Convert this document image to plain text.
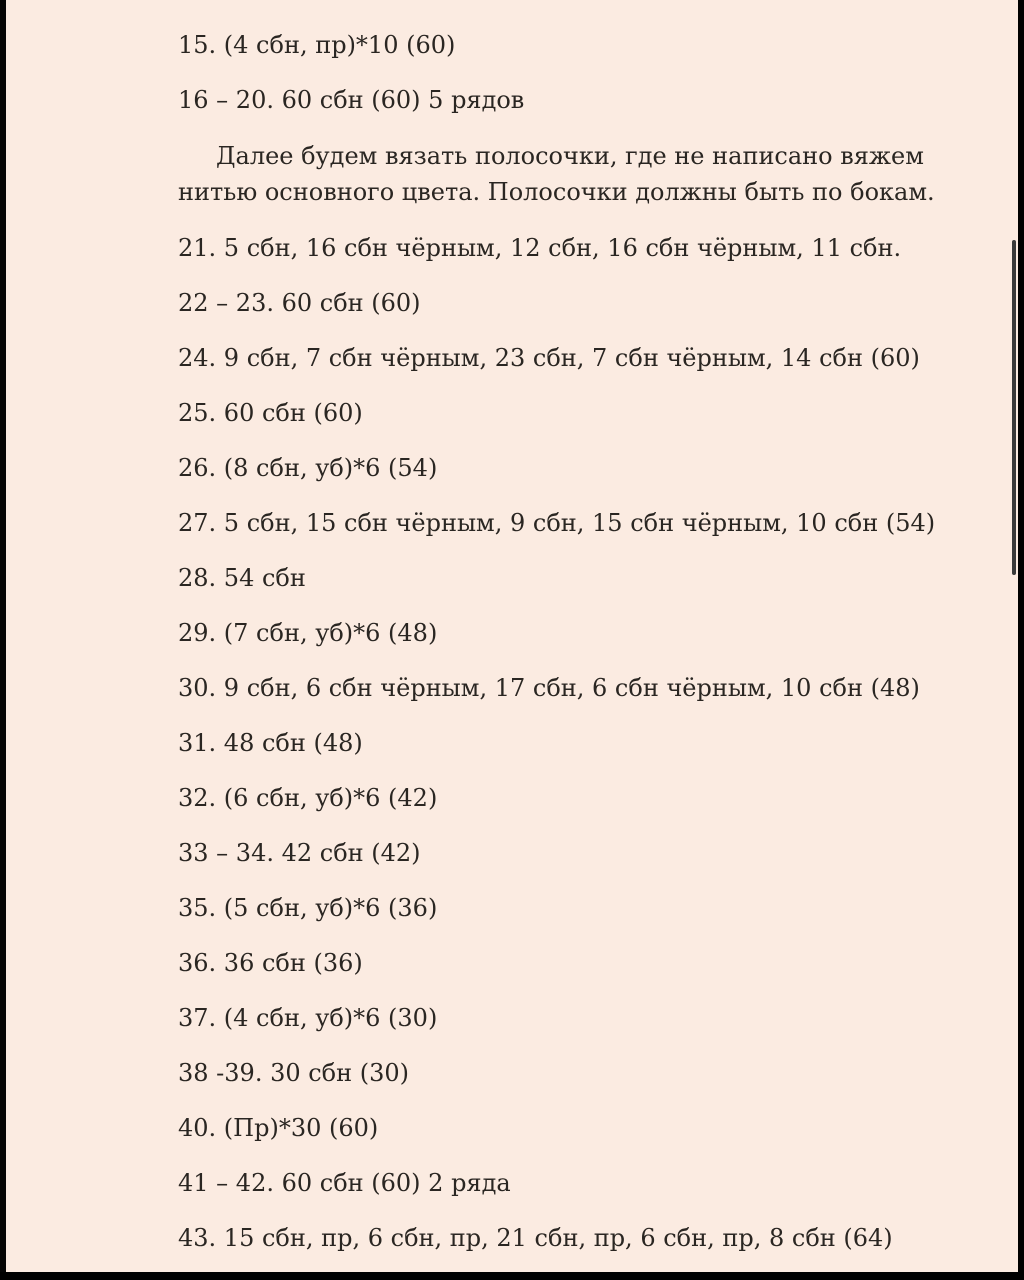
15. (4 сбн, пр)*10 (60)
16 – 20. 60 сбн (60) 5 рядов
Далее будем вязать полосочки, где не написано вяжем
нитью основного цвета. Полосочки должны быть по бокам.
21. 5 сбн, 16 сбн чёрным, 12 сбн, 16 сбн чёрным, 11 сбн.
22 – 23. 60 сбн (60)
24. 9 сбн, 7 сбн чёрным, 23 сбн, 7 сбн чёрным, 14 сбн (60)
25. 60 сбн (60)
26. (8 сбн, уб)*6 (54)
27. 5 сбн, 15 сбн чёрным, 9 сбн, 15 сбн чёрным, 10 сбн (54)
28. 54 сбн
29. (7 сбн, уб)*6 (48)
30. 9 сбн, 6 сбн чёрным, 17 сбн, 6 сбн чёрным, 10 сбн (48)
31. 48 сбн (48)
32. (6 сбн, уб)*6 (42)
33 – 34. 42 сбн (42)
35. (5 сбн, уб)*6 (36)
36. 36 сбн (36)
37. (4 сбн, уб)*6 (30)
38 -39. 30 сбн (30)
40. (Пр)*30 (60)
41 – 42. 60 сбн (60) 2 ряда
43. 15 сбн, пр, 6 сбн, пр, 21 сбн, пр, 6 сбн, пр, 8 сбн (64)
